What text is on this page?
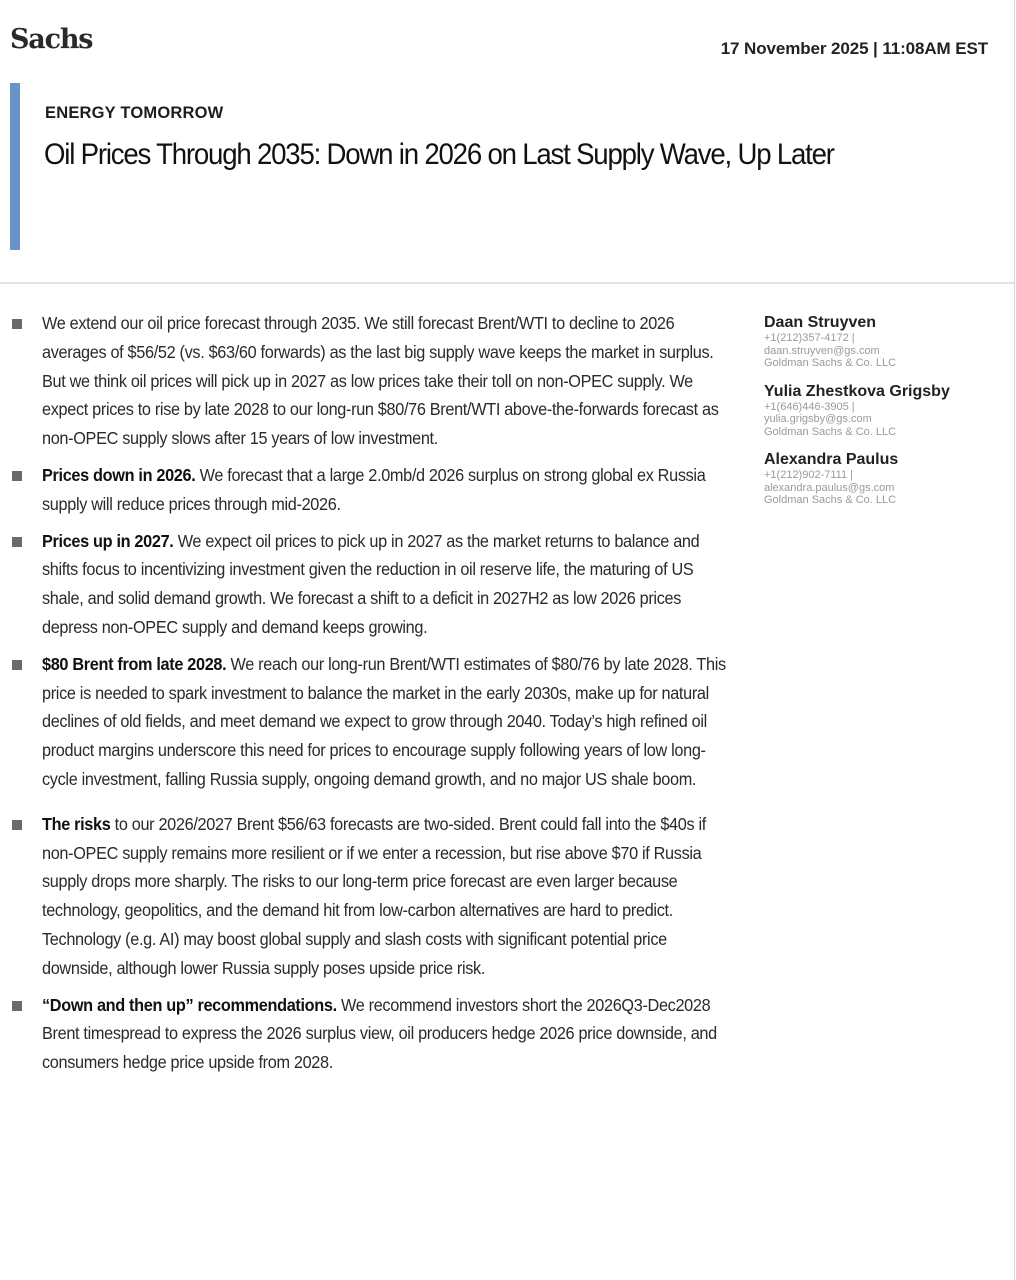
Sachs	17 November 2025 | 11:08AM EST
ENERGY TOMORROW
Oil Prices Through 2035: Down in 2026 on Last Supply Wave, Up Later

We extend our oil price forecast through 2035. We still forecast Brent/WTI to decline to 2026 averages of $56/52 (vs. $63/60 forwards) as the last big supply wave keeps the market in surplus. But we think oil prices will pick up in 2027 as low prices take their toll on non-OPEC supply. We expect prices to rise by late 2028 to our long-run $80/76 Brent/WTI above-the-forwards forecast as non-OPEC supply slows after 15 years of low investment.

Prices down in 2026. We forecast that a large 2.0mb/d 2026 surplus on strong global ex Russia supply will reduce prices through mid-2026.

Prices up in 2027. We expect oil prices to pick up in 2027 as the market returns to balance and shifts focus to incentivizing investment given the reduction in oil reserve life, the maturing of US shale, and solid demand growth. We forecast a shift to a deficit in 2027H2 as low 2026 prices depress non-OPEC supply and demand keeps growing.

$80 Brent from late 2028. We reach our long-run Brent/WTI estimates of $80/76 by late 2028. This price is needed to spark investment to balance the market in the early 2030s, make up for natural declines of old fields, and meet demand we expect to grow through 2040. Today’s high refined oil product margins underscore this need for prices to encourage supply following years of low long-cycle investment, falling Russia supply, ongoing demand growth, and no major US shale boom.

The risks to our 2026/2027 Brent $56/63 forecasts are two-sided. Brent could fall into the $40s if non-OPEC supply remains more resilient or if we enter a recession, but rise above $70 if Russia supply drops more sharply. The risks to our long-term price forecast are even larger because technology, geopolitics, and the demand hit from low-carbon alternatives are hard to predict. Technology (e.g. AI) may boost global supply and slash costs with significant potential price downside, although lower Russia supply poses upside price risk.

“Down and then up” recommendations. We recommend investors short the 2026Q3-Dec2028 Brent timespread to express the 2026 surplus view, oil producers hedge 2026 price downside, and consumers hedge price upside from 2028.

Daan Struyven
+1(212)357-4172 |
daan.struyven@gs.com
Goldman Sachs & Co. LLC
Yulia Zhestkova Grigsby
+1(646)446-3905 |
yulia.grigsby@gs.com
Goldman Sachs & Co. LLC
Alexandra Paulus
+1(212)902-7111 |
alexandra.paulus@gs.com
Goldman Sachs & Co. LLC
